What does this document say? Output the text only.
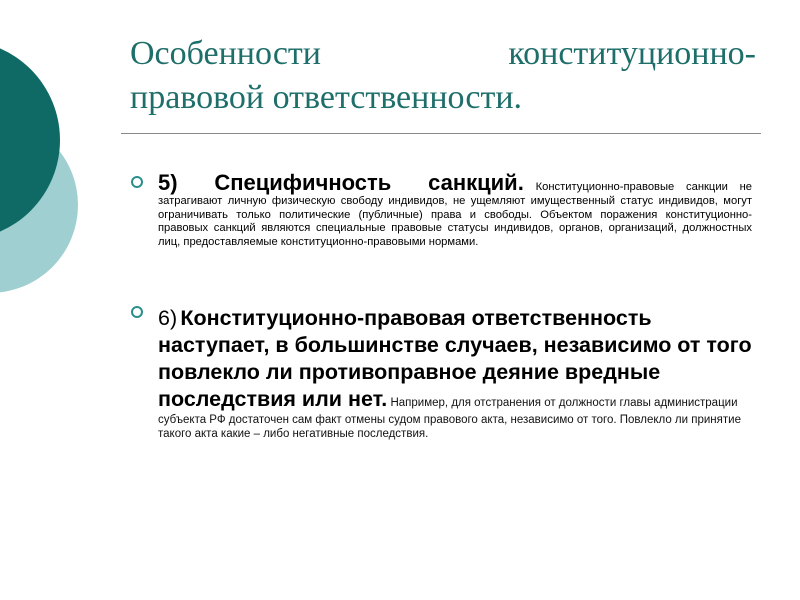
Особенности	конституционно-
правовой ответственности.
5) Специфичность санкций. Конституционно-правовые санкции не затрагивают личную физическую свободу индивидов, не ущемляют имущественный статус индивидов, могут ограничивать только политические (публичные) права и свободы. Объектом поражения конституционно-правовых санкций являются специальные правовые статусы индивидов, органов, организаций, должностных лиц, предоставляемые конституционно-правовыми нормами.
6) Конституционно-правовая ответственность наступает, в большинстве случаев, независимо от того повлекло ли противоправное деяние вредные последствия или нет. Например, для отстранения от должности главы администрации субъекта РФ достаточен сам факт отмены судом правового акта, независимо от того. Повлекло ли принятие такого акта какие – либо негативные последствия.
